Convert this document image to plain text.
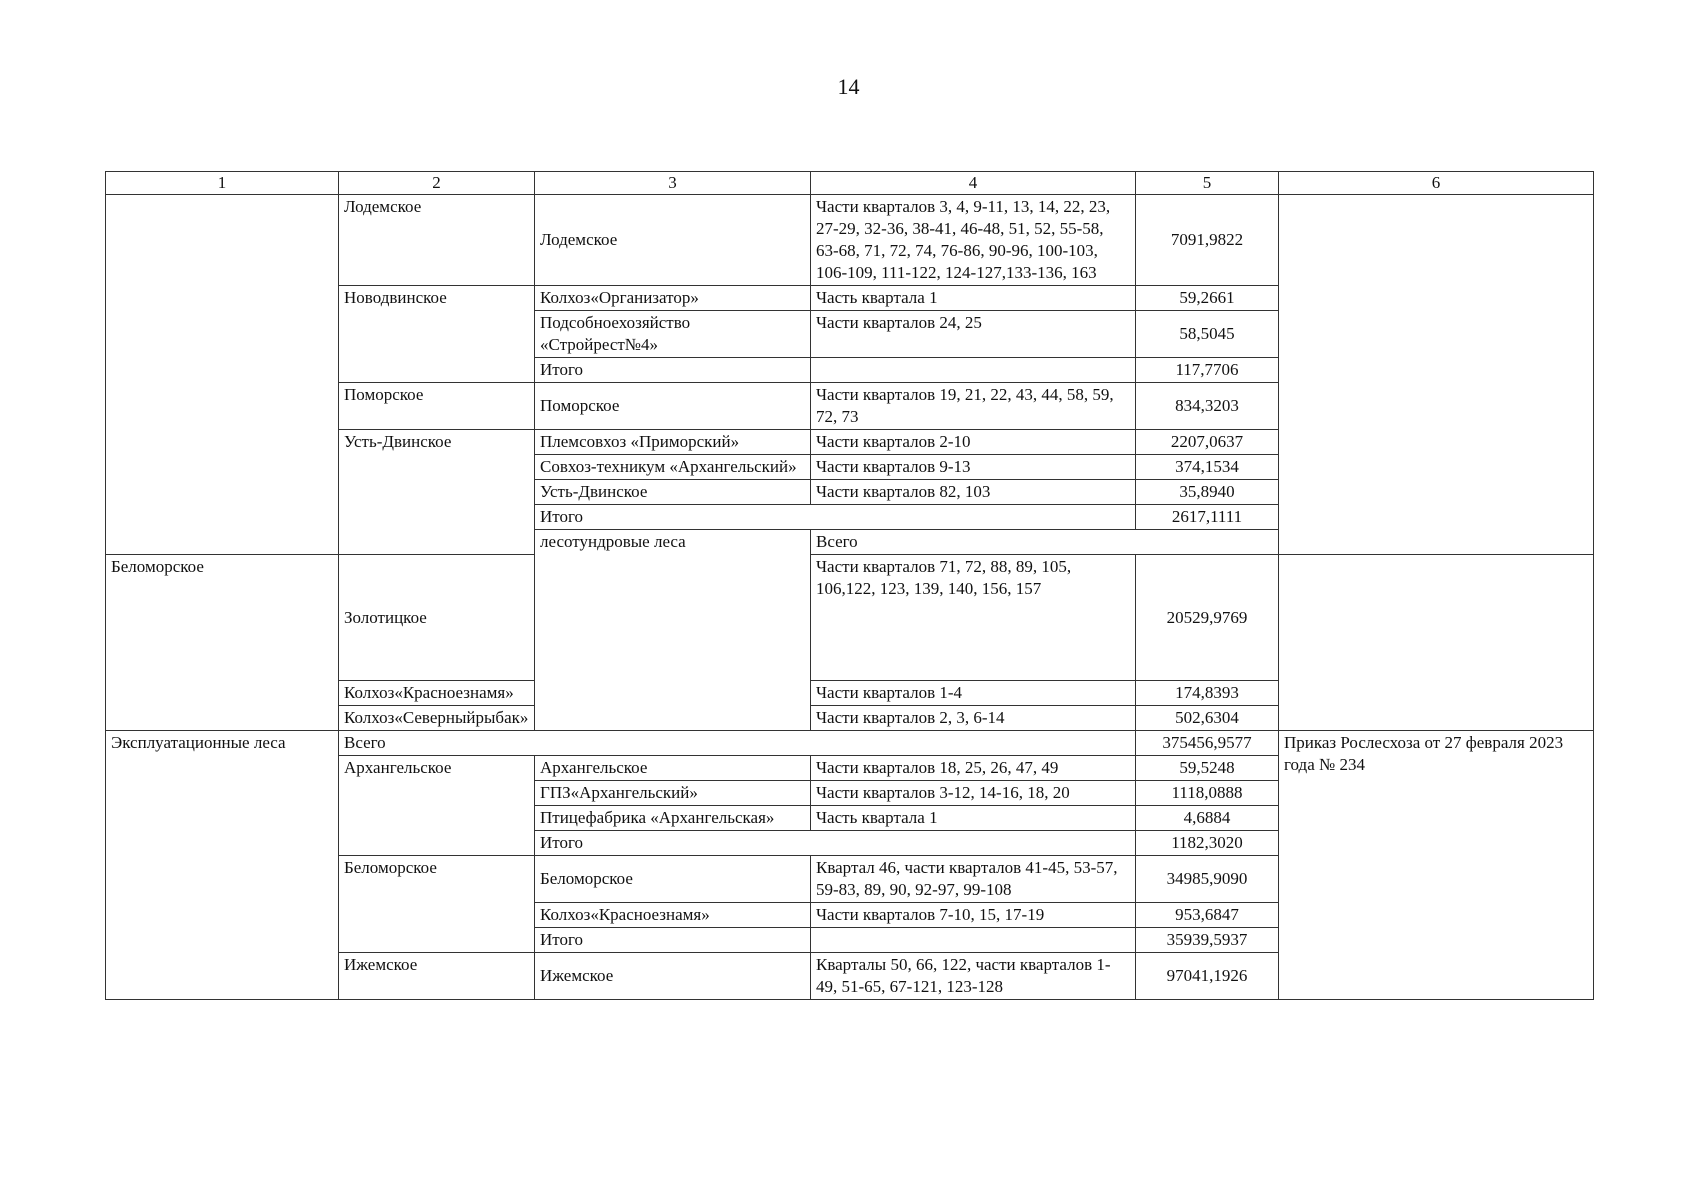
14
1	2	3	4	5	6	
	Лодемское	Лодемское	Части кварталов 3, 4, 9-11, 13, 14, 22, 23, 27-29, 32-36, 38-41, 46-48, 51, 52, 55-58, 63-68, 71, 72, 74, 76-86, 90-96, 100-103, 106-109, 111-122, 124-127,133-136, 163	7091,9822		
	Новодвинское	Колхоз«Организатор»	Часть квартала 1	59,2661		
		Подсобноехозяйство «Стройрест№4»	Части кварталов 24, 25	58,5045		
		Итого		117,7706		
	Поморское	Поморское	Части кварталов 19, 21, 22, 43, 44, 58, 59, 72, 73	834,3203		
	Усть-Двинское	Племсовхоз «Приморский»	Части кварталов 2-10	2207,0637		
		Совхоз-техникум «Архангельский»	Части кварталов 9-13	374,1534		
		Усть-Двинское	Части кварталов 82, 103	35,8940		
		Итого		2617,1111		
		лесотундровые леса	Всего		
Беломорское	Золотицкое		Части кварталов 71, 72, 88, 89, 105, 106,122, 123, 139, 140, 156, 157	20529,9769		
	Колхоз«Красноезнамя»		Части кварталов 1-4	174,8393		
	Колхоз«Северныйрыбак»		Части кварталов 2, 3, 6-14	502,6304		
Эксплуатационные леса	Всего			375456,9577	Приказ Рослесхоза от 27 февраля 2023 года № 234	
	Архангельское	Архангельское	Части кварталов 18, 25, 26, 47, 49	59,5248		
		ГПЗ«Архангельский»	Части кварталов 3-12, 14-16, 18, 20	1118,0888		
		Птицефабрика «Архангельская»	Часть квартала 1	4,6884		
		Итого		1182,3020		
	Беломорское	Беломорское	Квартал 46, части кварталов 41-45, 53-57, 59-83, 89, 90, 92-97, 99-108	34985,9090		
		Колхоз«Красноезнамя»	Части кварталов 7-10, 15, 17-19	953,6847		
		Итого		35939,5937		
	Ижемское	Ижемское	Кварталы 50, 66, 122, части кварталов 1-49, 51-65, 67-121, 123-128	97041,1926		
